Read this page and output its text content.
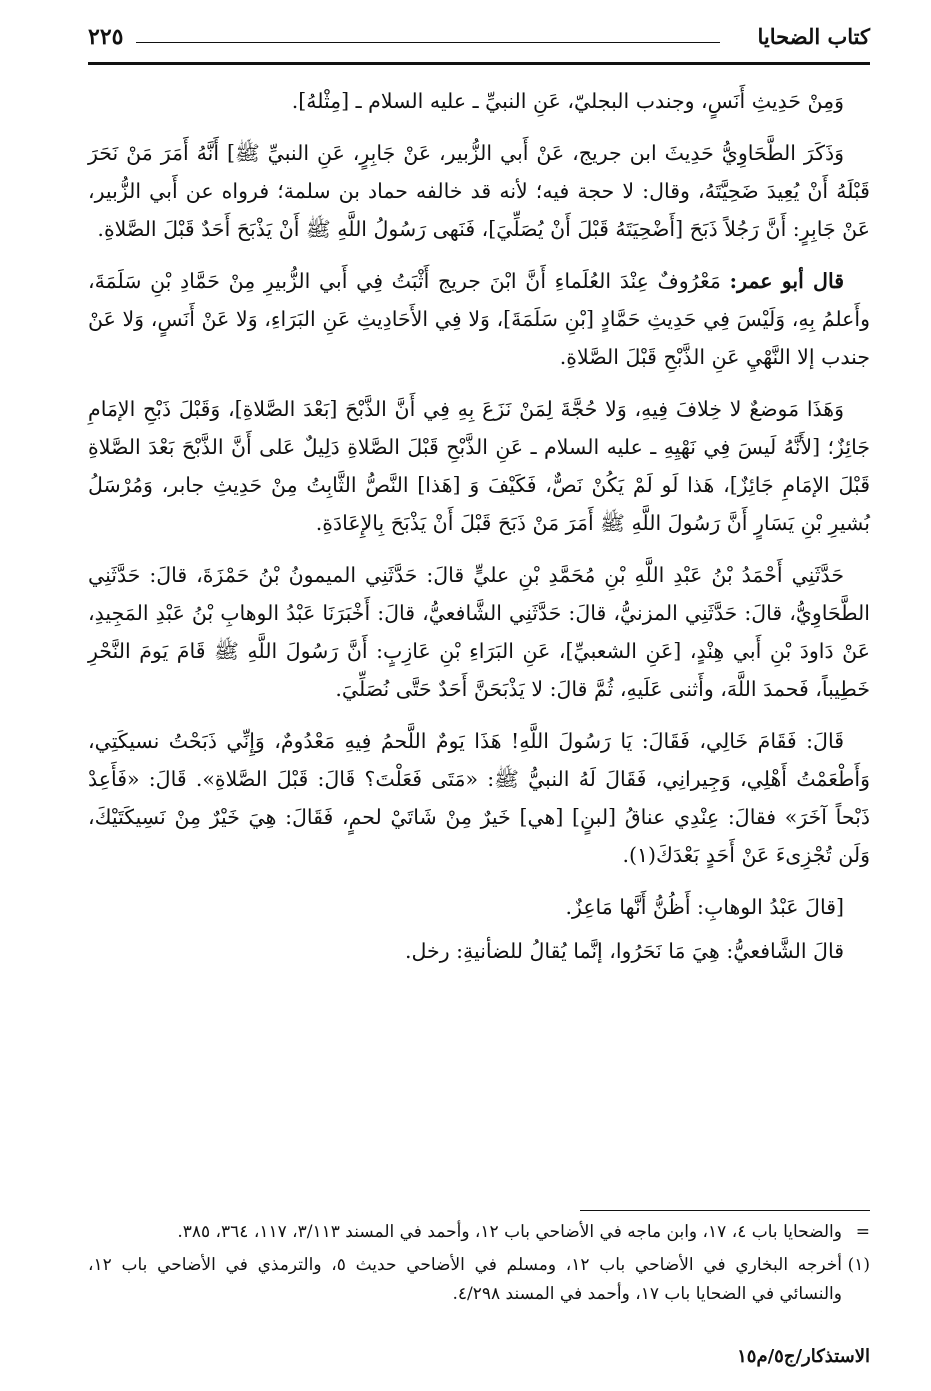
كتاب الضحايا
٢٢٥

وَمِنْ حَدِيثِ أَنَسٍ، وجندب البجليّ، عَنِ النبيِّ ـ عليه السلام ـ [مِثْلهُ].

وَذَكَرَ الطَّحَاوِيُّ حَدِيثَ ابن جريج، عَنْ أَبي الزُّبير، عَنْ جَابِرٍ، عَنِ النبيِّ ﷺ] أَنَّهُ أَمَرَ مَنْ نَحَرَ قَبْلَهُ أَنْ يُعِيدَ ضَحِيَّتَهُ، وقال: لا حجة فيه؛ لأنه قد خالفه حماد بن سلمة؛ فرواه عن أَبي الزُّبير، عَنْ جَابِرٍ: أَنَّ رَجُلاً ذَبَحَ [أَضْحِيَتَهُ قَبْلَ أَنْ يُصَلِّيَ]، فَنَهى رَسُولُ اللَّهِ ﷺ أَنْ يَذْبَحَ أَحَدٌ قَبْلَ الصَّلاةِ.

قال أبو عمر: مَعْرُوفٌ عِنْدَ العُلَماءِ أَنَّ ابْنَ جريج أَثْبَتُ فِي أَبي الزُّبيرِ مِنْ حَمَّادِ بْنِ سَلَمَةَ، وأَعلمُ بِهِ، وَلَيْسَ فِي حَدِيثِ حَمَّادٍ [بْنِ سَلَمَةَ]، وَلا فِي الأَحَادِيثِ عَنِ البَرَاءِ، وَلا عَنْ أَنَسٍ، وَلا عَنْ جندب إلا النَّهْيِ عَنِ الذَّبْحِ قَبْلَ الصَّلاةِ.

وَهَذَا مَوضعٌ لا خِلافَ فِيهِ، وَلا حُجَّةَ لِمَنْ نَزَعَ بِهِ فِي أَنَّ الذَّبْحَ [بَعْدَ الصَّلاةِ]، وَقَبْلَ ذَبْحِ الإمَامِ جَائِزٌ؛ [لأَنَّهُ لَيسَ فِي نَهْيِهِ ـ عليه السلام ـ عَنِ الذَّبْحِ قَبْلَ الصَّلاةِ دَلِيلٌ عَلى أَنَّ الذَّبْحَ بَعْدَ الصَّلاةِ قَبْلَ الإمَامِ جَائِزٌ]، هَذا لَو لَمْ يَكُنْ نَصٌّ، فَكَيْفَ وَ [هَذا] النَّصُّ الثَّابِتُ مِنْ حَدِيثِ جابر، وَمُرْسَلُ بُشيرِ بْنِ يَسَارٍ أَنَّ رَسُولَ اللَّهِ ﷺ أَمَرَ مَنْ ذَبَحَ قَبْلَ أَنْ يَذْبَحَ بِالإِعَادَةِ.

حَدَّثَنِي أَحْمَدُ بْنُ عَبْدِ اللَّهِ بْنِ مُحَمَّدِ بْنِ عليٍّ قالَ: حَدَّثَنِي الميمونُ بْنُ حَمْزَةَ، قالَ: حَدَّثَنِي الطَّحَاوِيُّ، قالَ: حَدَّثَنِي المزنيُّ، قالَ: حَدَّثَنِي الشَّافعيُّ، قالَ: أَخْبَرَنَا عَبْدُ الوهابِ بْنُ عَبْدِ المَجِيدِ، عَنْ دَاودَ بْنِ أَبي هِنْدٍ، [عَنِ الشعبيِّ]، عَنِ البَرَاءِ بْنِ عَازِبٍ: أَنَّ رَسُولَ اللَّهِ ﷺ قَامَ يَومَ النَّحْرِ خَطِيباً، فَحمدَ اللَّهَ، وأَثنى عَلَيهِ، ثُمَّ قالَ: لا يَذْبَحَنَّ أَحَدٌ حَتَّى نُصَلِّيَ.

قَالَ: فَقَامَ خَالِي، فَقَالَ: يَا رَسُولَ اللَّهِ! هَذَا يَومٌ اللَّحمُ فِيهِ مَعْدُومٌ، وَإِنِّي ذَبَحْتُ نسيكَتِي، وَأَطْعَمْتُ أَهْلِي، وَجِيرانِي، فَقَالَ لَهُ النبيُّ ﷺ: «مَتَى فَعَلْتَ؟ قَالَ: قَبْلَ الصَّلاةِ». قَالَ: «فَأَعِدْ ذَبْحاً آخَرَ» فقالَ: عِنْدِي عناقُ [لبنٍ] [هي] خَيرٌ مِنْ شَاتَيْ لحمٍ، فَقَالَ: هِيَ خَيْرٌ مِنْ نَسِيكَتَيْكَ، وَلَن تُجْزِىءَ عَنْ أَحَدٍ بَعْدَكَ(١).

[قالَ عَبْدُ الوهابِ: أَظُنُّ أَنَّها مَاعِزٌ.

قالَ الشَّافعيُّ: هِيَ مَا نَحَرُوا، إنَّما يُقالُ للضأنيةِ: رخل.

=
والضحايا باب ٤، ١٧، وابن ماجه في الأضاحي باب ١٢، وأحمد في المسند ٣/١١٣، ١١٧، ٣٦٤، ٣٨٥.

(١)
أخرجه البخاري في الأضاحي باب ١٢، ومسلم في الأضاحي حديث ٥، والترمذي في الأضاحي باب ١٢، والنسائي في الضحايا باب ١٧، وأحمد في المسند ٤/٢٩٨.

الاستذكار/ج٥/م١٥
